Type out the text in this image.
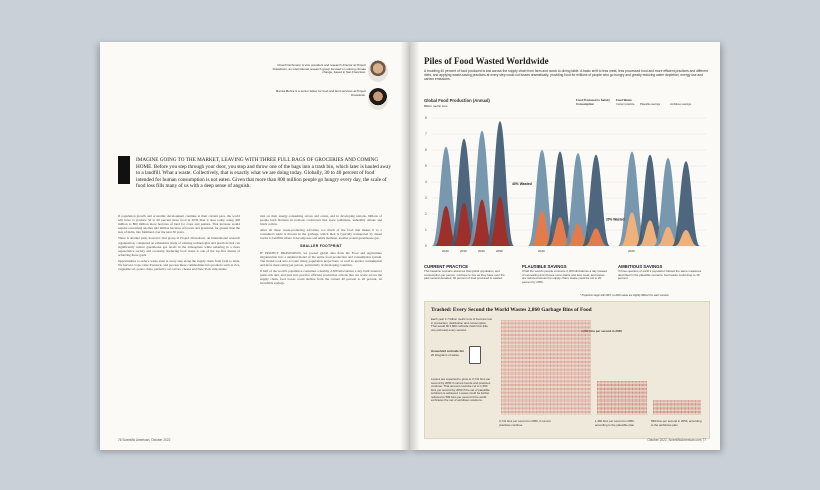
Chad Frischmann is vice president and research director at Project Drawdown, an international research group focused on solving climate change, based in San Francisco.
Mamta Mehra is a senior fellow for food and land services at Project Drawdown.
IMAGINE GOING TO THE MARKET, LEAVING WITH THREE FULL BAGS OF GROCERIES AND COMING HOME. Before you step through your door, you stop and throw one of the bags into a trash bin, which later is hauled away to a landfill. What a waste. Collectively, that is exactly what we are doing today. Globally, 30 to 40 percent of food intended for human consumption is not eaten. Given that more than 800 million people go hungry every day, the scale of food loss fills many of us with a deep sense of anguish.

If population growth and economic development continue at their current pace, the world will have to produce 50 to 60 percent more food in 2050 than it does today, using 400 million to 800 million more hectares of land for crops and pasture. That increase would require converting another 442 million hectares of forests and grassland, far greater than the size of India, into farmland over the next 30 years.

There is another path, however. Our group at Project Drawdown, an international research organization, completed an exhaustive study of existing technologies and practices that can significantly reduce greenhouse gas levels in the atmosphere while ushering in a more regenerative society and economy. Reducing food waste is one of the top-five means of achieving these goals.

Opportunities to reduce waste exist at every step along the supply chain from farm to table. We harvest crops, raise livestock, and process these commodities into products such as rice, vegetable oil, potato chips, perfectly cut carrots, cheese and New York strip steaks.

turn on their energy-consuming stoves and ovens, and in developing nations, billions of people burn biomass in noxious cookstoves that spew pollutants, unhealthy smoke and black carbon.

After all these waste-producing activities, too much of the food that makes it to a consumer's table is thrown in the garbage, which then is typically transported by diesel trucks to landfills where it decomposes and emits methane, another potent greenhouse gas.

SMALLER FOOTPRINT

IF PROJECT DRAWDOWN, we pooled global data from the Food and Agriculture Organization into a detailed model of the entire food production and consumption system. The model took into account rising population projections, as well as greater consumption and more meat eating per person, particularly in developing countries.

If half of the world's population consumes a healthy 2,300 kilocalories a day, built around a plant-rich diet, and puts into practice efficient production actions that cut waste across the supply chain, food losses could decline from the current 40 percent to 20 percent, an incredible savings.

76 Scientific American, October 2022
Piles of Food Wasted Worldwide
A troubling 40 percent of food produced is lost across the supply chain from farm and ranch to dining table. A basic shift to less meat, less processed food and more efficient practices and different diets, and applying waste-saving practices at every step could cut losses dramatically, providing food for millions of people who go hungry and greatly reducing water depletion, energy use and carbon emissions.
Global Food Production (Annual)
Billion metric tons
Food Produced to Satisfy Consumption
Food Waste
Current practice Plausible savings	Ambitious savings
0
1
2
3
4
5
6
7
8
2020	2030	2040	2050	2020	2020
40% Wasted
20% Wasted
CURRENT PRACTICE

This baseline scenario assumes that global population, and consumption per person, continue to rise as they have over the past several decades; 40 percent of food produced is wasted.

PLAUSIBLE SAVINGS

If half the world's people consume 2,300 kilocalories a day instead of overeating and choose more plants and less meat, and losses are reduced across the supply chain, waste could be cut to 20 percent by 2050.

AMBITIOUS SAVINGS

If three-quarters of earth's population follows the same measures described in the plausible scenario, food waste could drop to 18 percent.

* Projections begin with 2015, so 2020 values are slightly different for each scenario.
Trashed: Every Second the World Wastes 2,860 Garbage Bins of Food
Each year 1.7 billion metric tons of food are lost in production, distribution and consumption. That would fill 2,860 curbside trash bins (like one pictured) every second.
Household curbside bin
20 kilograms of waste
Losses are expected to grow to 3,741 bins per second by 2050 if current trends and practices continue. That amount could be cut to 1,360 bins per second by 2050 if the set of plausible solutions is achieved. Losses could be further reduced to 599 bins per second if the world embraces the set of ambitious solutions.
2,860 bins per second in 2020
3,741 bins per second in 2050, if current practices continue
1,360 bins per second in 2050, according to the plausible plan
599 bins per second in 2050, according to the ambitious plan
October 2022, ScientificAmerican.com 77
